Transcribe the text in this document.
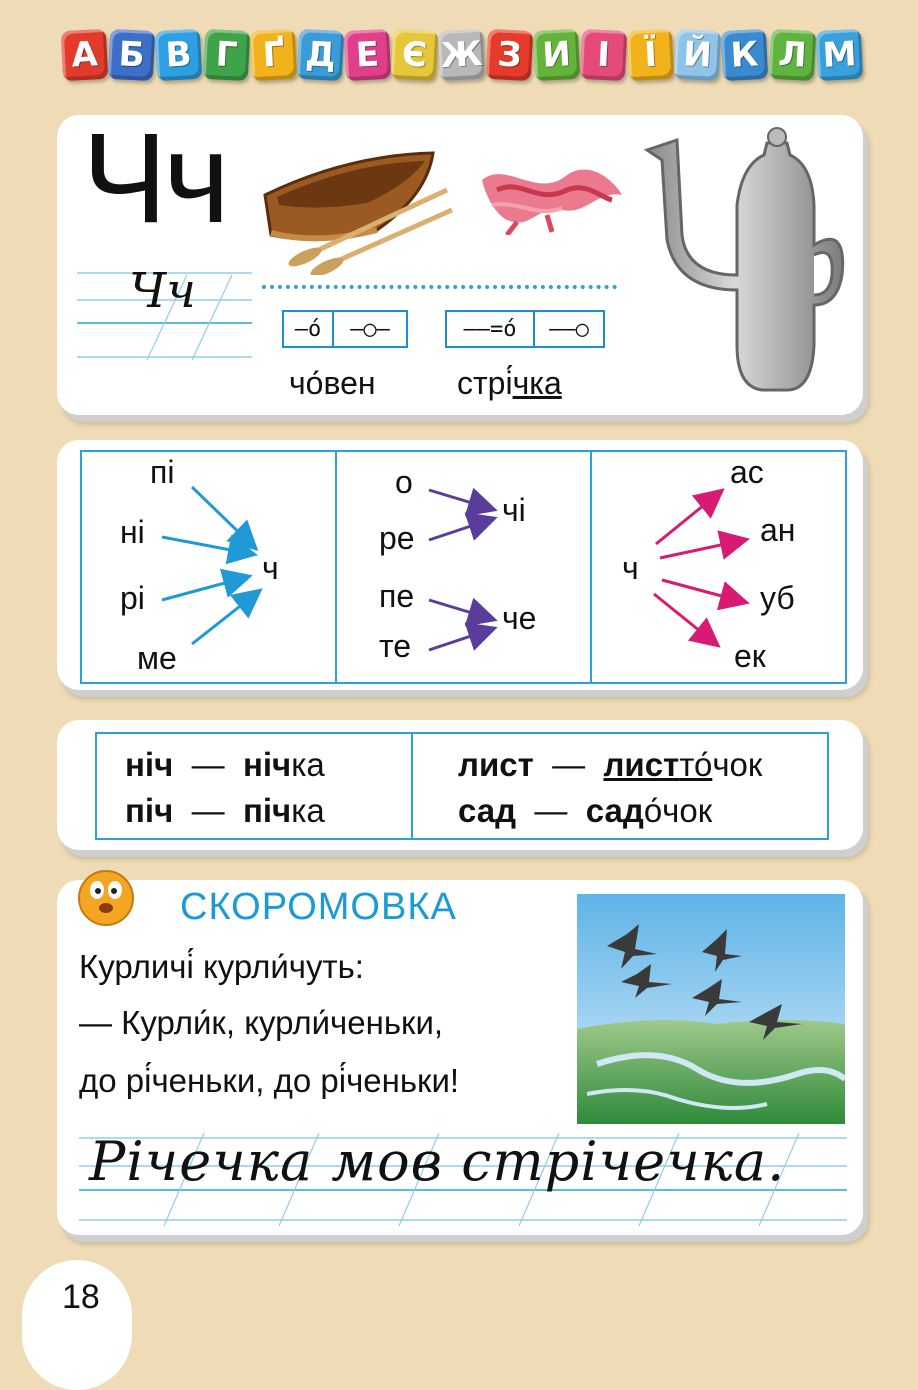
А Б В Г Ґ Д Е Є Ж З И І Ї Й К Л М
Чч
Чч
–ó	–○–	––=ó	––○
чо́вен	стрі́чка
пі
ні
рі
ме
ч
о
ре
пе
те
чі
че
ч
ас
ан
уб
ек
ніч — нічка
піч — пічка
лист — листто́чок
сад — садо́чок
СКОРОМОВКА
Курличі́ курли́чуть:
— Курли́к, курли́ченьки,
до рі́ченьки, до рі́ченьки!
Річечка мов стрічечка.
18
